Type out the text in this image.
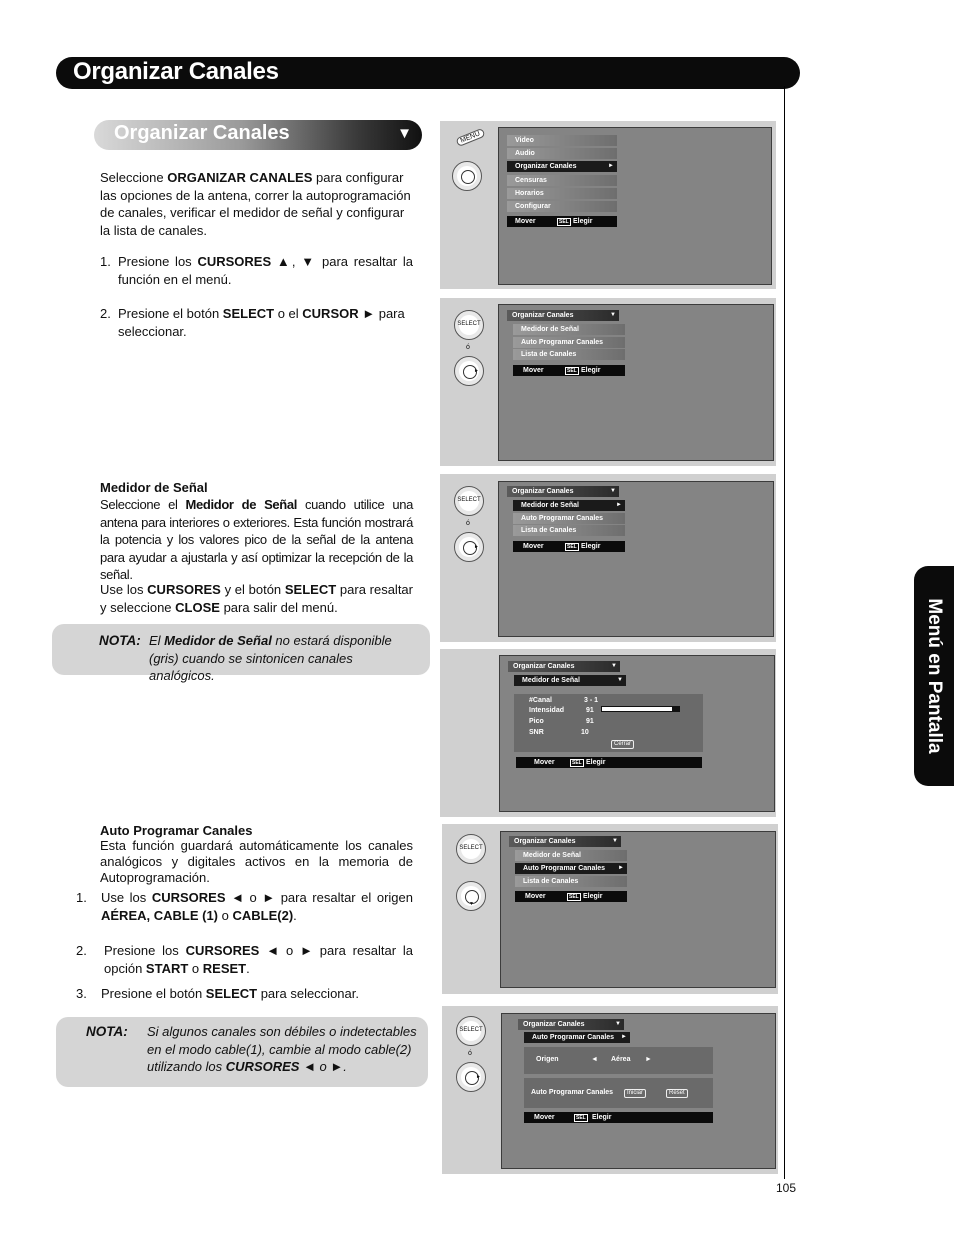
Organizar Canales
Menú en Pantalla
Organizar Canales	▼
Seleccione ORGANIZAR CANALES para configurar las opciones de la antena, correr la autoprogramación de canales, verificar el medidor de señal y configurar la lista de canales.
1. Presione los CURSORES ▲, ▼ para resaltar la función en el menú.
2. Presione el botón SELECT o el CURSOR ► para seleccionar.
Medidor de Señal
Seleccione el Medidor de Señal cuando utilice una antena para interiores o exteriores. Esta función mostrará la potencia y los valores pico de la señal de la antena para ayudar a ajustarla y así optimizar la recepción de la señal.
Use los CURSORES y el botón SELECT para resaltar y seleccione CLOSE para salir del menú.
NOTA: El Medidor de Señal no estará disponible (gris) cuando se sintonicen canales analógicos.
Auto Programar Canales
Esta función guardará automáticamente los canales analógicos y digitales activos en la memoria de Autoprogramación.
1. Use los CURSORES ◄ o ► para resaltar el origen AÉREA, CABLE (1) o CABLE(2).
2. Presione los CURSORES ◄ o ► para resaltar la opción START o RESET.
3. Presione el botón SELECT para seleccionar.
NOTA: Si algunos canales son débiles o indetectables en el modo cable(1), cambie al modo cable(2) utilizando los CURSORES ◄ o ►.
MENU	Video
Audio
Organizar Canales	►
Censuras
Horarios
Configurar
Mover	SEL Elegir
SELECT
ó
►
Organizar Canales	▼
Medidor de Señal
Auto Programar Canales
Lista de Canales
Mover	SEL Elegir
SELECT
ó
►
Organizar Canales	▼
Medidor de Señal	►
Auto Programar Canales
Lista de Canales
Mover	SEL Elegir
Organizar Canales	▼
Medidor de Señal	▼
#Canal	3 - 1
Intensidad	91
Pico	91
SNR	10
Cerrar
Mover	SEL Elegir
SELECT
▼
Organizar Canales	▼
Medidor de Señal
Auto Programar Canales ►
Lista de Canales
Mover	SEL Elegir
SELECT
ó
►
Organizar Canales	▼
Auto Programar Canales ►
Origen	◄ Aérea ►
Auto Programar Canales	Iniciar	Reset
Mover	SEL Elegir
105
